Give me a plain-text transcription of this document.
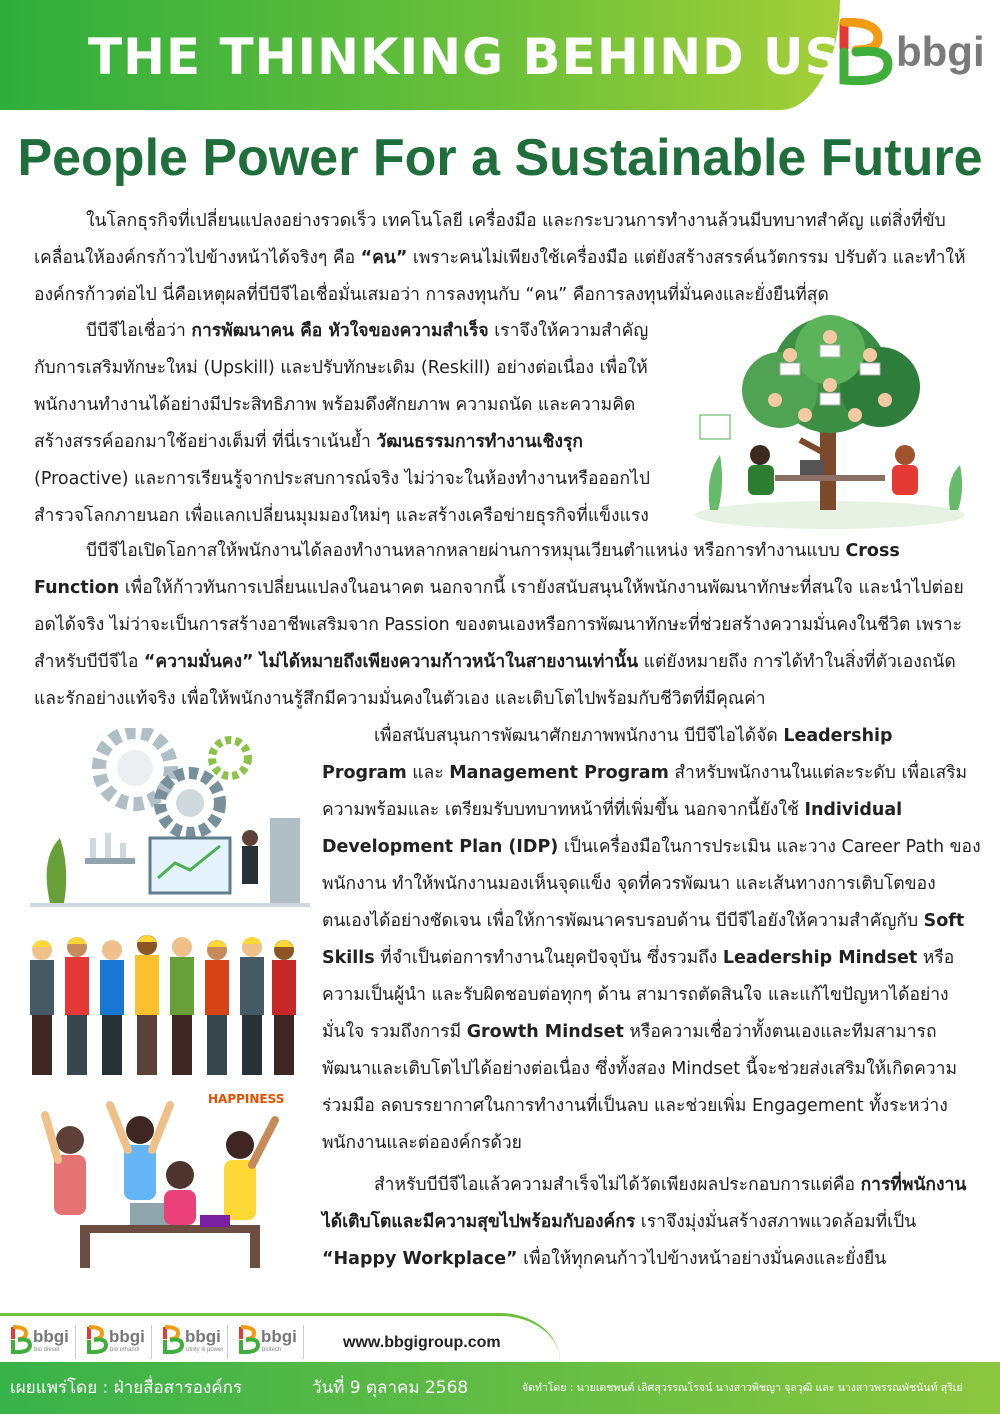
THE THINKING BEHIND US bbgi
People Power For a Sustainable Future

ในโลกธุรกิจที่เปลี่ยนแปลงอย่างรวดเร็ว เทคโนโลยี เครื่องมือ และกระบวนการทำงานล้วนมีบทบาทสำคัญ แต่สิ่งที่ขับเคลื่อนให้องค์กรก้าวไปข้างหน้าได้จริงๆ คือ “คน” เพราะคนไม่เพียงใช้เครื่องมือ แต่ยังสร้างสรรค์นวัตกรรม ปรับตัว และทำให้องค์กรก้าวต่อไป นี่คือเหตุผลที่บีบีจีไอเชื่อมั่นเสมอว่า การลงทุนกับ “คน” คือการลงทุนที่มั่นคงและยั่งยืนที่สุด

บีบีจีไอเชื่อว่า การพัฒนาคน คือ หัวใจของความสำเร็จ เราจึงให้ความสำคัญกับการเสริมทักษะใหม่ (Upskill) และปรับทักษะเดิม (Reskill) อย่างต่อเนื่อง เพื่อให้พนักงานทำงานได้อย่างมีประสิทธิภาพ พร้อมดึงศักยภาพ ความถนัด และความคิดสร้างสรรค์ออกมาใช้อย่างเต็มที่ ที่นี่เราเน้นย้ำ วัฒนธรรมการทำงานเชิงรุก (Proactive) และการเรียนรู้จากประสบการณ์จริง ไม่ว่าจะในห้องทำงานหรือออกไปสำรวจโลกภายนอก เพื่อแลกเปลี่ยนมุมมองใหม่ๆ และสร้างเครือข่ายธุรกิจที่แข็งแรง

บีบีจีไอเปิดโอกาสให้พนักงานได้ลองทำงานหลากหลายผ่านการหมุนเวียนตำแหน่ง หรือการทำงานแบบ Cross Function เพื่อให้ก้าวทันการเปลี่ยนแปลงในอนาคต นอกจากนี้ เรายังสนับสนุนให้พนักงานพัฒนาทักษะที่สนใจ และนำไปต่อยอดได้จริง ไม่ว่าจะเป็นการสร้างอาชีพเสริมจาก Passion ของตนเองหรือการพัฒนาทักษะที่ช่วยสร้างความมั่นคงในชีวิต เพราะสำหรับบีบีจีไอ “ความมั่นคง” ไม่ได้หมายถึงเพียงความก้าวหน้าในสายงานเท่านั้น แต่ยังหมายถึง การได้ทำในสิ่งที่ตัวเองถนัดและรักอย่างแท้จริง เพื่อให้พนักงานรู้สึกมีความมั่นคงในตัวเอง และเติบโตไปพร้อมกับชีวิตที่มีคุณค่า

HAPPINESS

เพื่อสนับสนุนการพัฒนาศักยภาพพนักงาน บีบีจีไอได้จัด Leadership Program และ Management Program สำหรับพนักงานในแต่ละระดับ เพื่อเสริมความพร้อมและ เตรียมรับบทบาทหน้าที่ที่เพิ่มขึ้น นอกจากนี้ยังใช้ Individual Development Plan (IDP) เป็นเครื่องมือในการประเมิน และวาง Career Path ของพนักงาน ทำให้พนักงานมองเห็นจุดแข็ง จุดที่ควรพัฒนา และเส้นทางการเติบโตของตนเองได้อย่างชัดเจน เพื่อให้การพัฒนาครบรอบด้าน บีบีจีไอยังให้ความสำคัญกับ Soft Skills ที่จำเป็นต่อการทำงานในยุคปัจจุบัน ซึ่งรวมถึง Leadership Mindset หรือความเป็นผู้นำ และรับผิดชอบต่อทุกๆ ด้าน สามารถตัดสินใจ และแก้ไขปัญหาได้อย่างมั่นใจ รวมถึงการมี Growth Mindset หรือความเชื่อว่าทั้งตนเองและทีมสามารถพัฒนาและเติบโตไปได้อย่างต่อเนื่อง ซึ่งทั้งสอง Mindset นี้จะช่วยส่งเสริมให้เกิดความร่วมมือ ลดบรรยากาศในการทำงานที่เป็นลบ และช่วยเพิ่ม Engagement ทั้งระหว่างพนักงานและต่อองค์กรด้วย

สำหรับบีบีจีไอแล้วความสำเร็จไม่ได้วัดเพียงผลประกอบการแต่คือ การที่พนักงานได้เติบโตและมีความสุขไปพร้อมกับองค์กร เราจึงมุ่งมั่นสร้างสภาพแวดล้อมที่เป็น “Happy Workplace” เพื่อให้ทุกคนก้าวไปข้างหน้าอย่างมั่นคงและยั่งยืน

bbgi
bio diesel
bbgi
bio ethanol
bbgi
utility & power
bbgi
biotech	www.bbgigroup.com
เผยแพร่โดย : ฝ่ายสื่อสารองค์กร	วันที่ 9 ตุลาคม 2568	จัดทำโดย : นายเดชพนต์ เลิศสุวรรณโรจน์ นางสาวพิชญา จุลวุฒิ และ นางสาวพรรณพัชนันท์ สุริเย่
